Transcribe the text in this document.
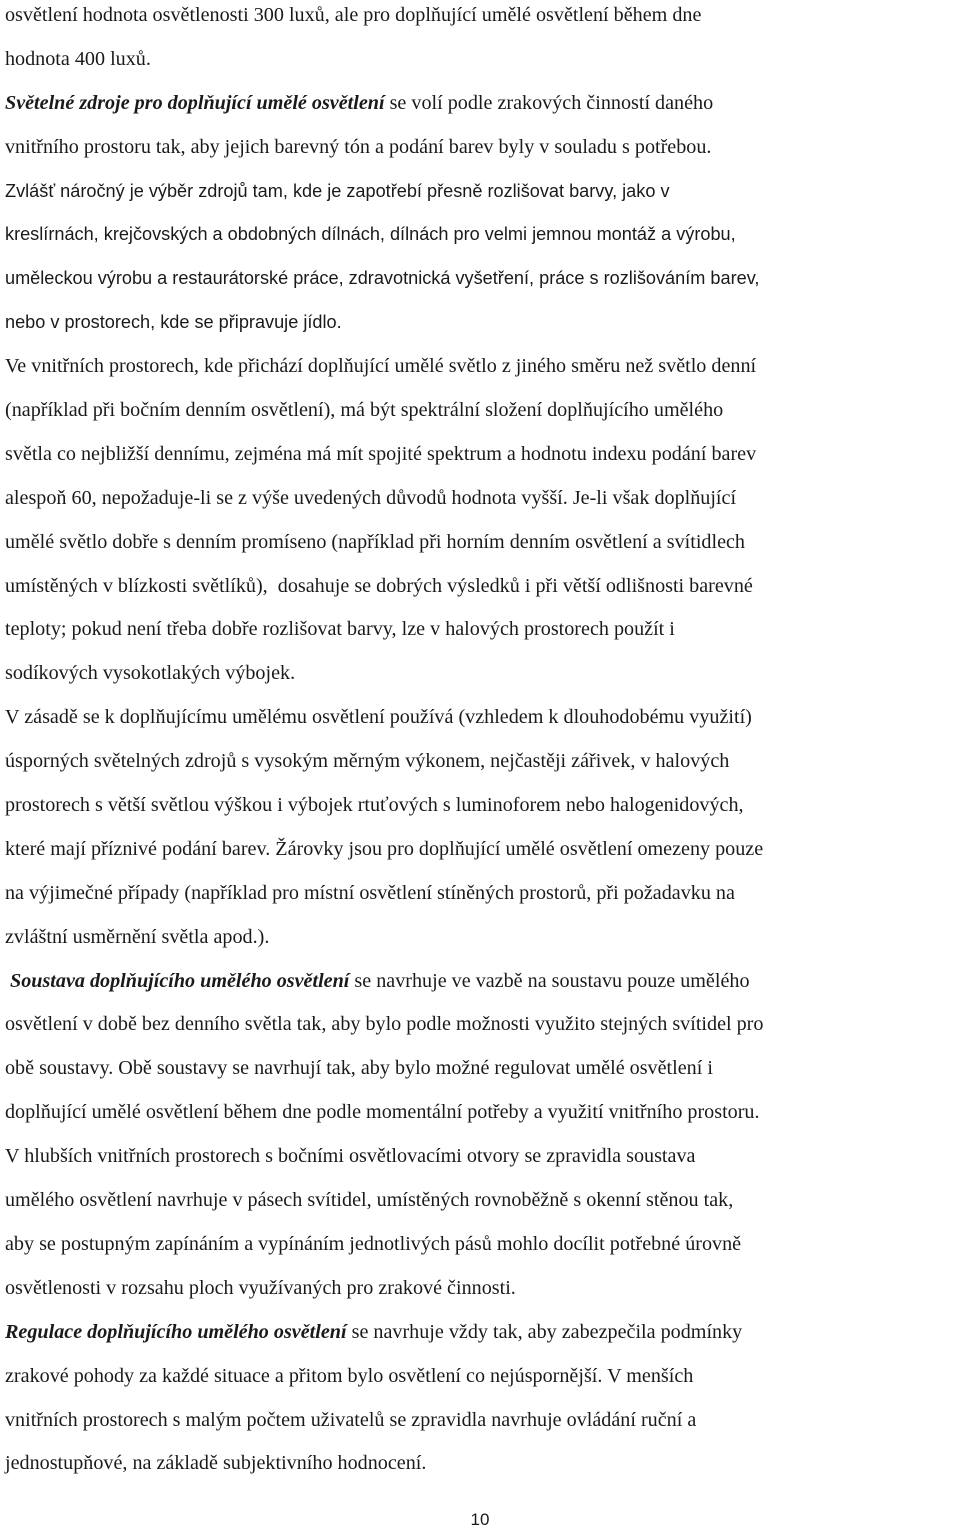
osvětlení hodnota osvětlenosti 300 luxů, ale pro doplňující umělé osvětlení během dne
hodnota 400 luxů.
Světelné zdroje pro doplňující umělé osvětlení se volí podle zrakových činností daného
vnitřního prostoru tak, aby jejich barevný tón a podání barev byly v souladu s potřebou.
Zvlášť náročný je výběr zdrojů tam, kde je zapotřebí přesně rozlišovat barvy, jako v
kreslírnách, krejčovských a obdobných dílnách, dílnách pro velmi jemnou montáž a výrobu,
uměleckou výrobu a restaurátorské práce, zdravotnická vyšetření, práce s rozlišováním barev,
nebo v prostorech, kde se připravuje jídlo.
Ve vnitřních prostorech, kde přichází doplňující umělé světlo z jiného směru než světlo denní
(například při bočním denním osvětlení), má být spektrální složení doplňujícího umělého
světla co nejbližší dennímu, zejména má mít spojité spektrum a hodnotu indexu podání barev
alespoň 60, nepožaduje-li se z výše uvedených důvodů hodnota vyšší. Je-li však doplňující
umělé světlo dobře s denním promíseno (například při horním denním osvětlení a svítidlech
umístěných v blízkosti světlíků),  dosahuje se dobrých výsledků i při větší odlišnosti barevné
teploty; pokud není třeba dobře rozlišovat barvy, lze v halových prostorech použít i
sodíkových vysokotlakých výbojek.
V zásadě se k doplňujícímu umělému osvětlení používá (vzhledem k dlouhodobému využití)
úsporných světelných zdrojů s vysokým měrným výkonem, nejčastěji zářivek, v halových
prostorech s větší světlou výškou i výbojek rtuťových s luminoforem nebo halogenidových,
které mají příznivé podání barev. Žárovky jsou pro doplňující umělé osvětlení omezeny pouze
na výjimečné případy (například pro místní osvětlení stíněných prostorů, při požadavku na
zvláštní usměrnění světla apod.).
Soustava doplňujícího umělého osvětlení se navrhuje ve vazbě na soustavu pouze umělého
osvětlení v době bez denního světla tak, aby bylo podle možnosti využito stejných svítidel pro
obě soustavy. Obě soustavy se navrhují tak, aby bylo možné regulovat umělé osvětlení i
doplňující umělé osvětlení během dne podle momentální potřeby a využití vnitřního prostoru.
V hlubších vnitřních prostorech s bočními osvětlovacími otvory se zpravidla soustava
umělého osvětlení navrhuje v pásech svítidel, umístěných rovnoběžně s okenní stěnou tak,
aby se postupným zapínáním a vypínáním jednotlivých pásů mohlo docílit potřebné úrovně
osvětlenosti v rozsahu ploch využívaných pro zrakové činnosti.
Regulace doplňujícího umělého osvětlení se navrhuje vždy tak, aby zabezpečila podmínky
zrakové pohody za každé situace a přitom bylo osvětlení co nejúspornější. V menších
vnitřních prostorech s malým počtem uživatelů se zpravidla navrhuje ovládání ruční a
jednostupňové, na základě subjektivního hodnocení.
10
